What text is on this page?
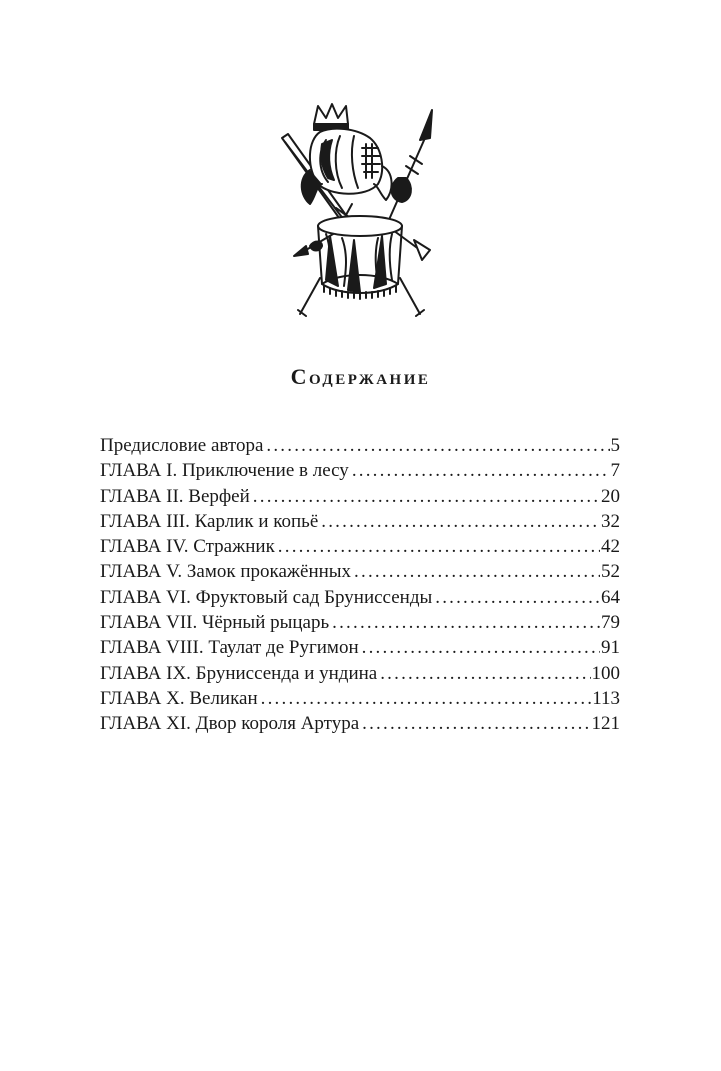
Содержание
Предисловие автора .....	5
ГЛАВА I. Приключение в лесу .....	7
ГЛАВА II. Верфей .....	20
ГЛАВА III. Карлик и копьё .....	32
ГЛАВА IV. Стражник .....	42
ГЛАВА V. Замок прокажённых .....	52
ГЛАВА VI. Фруктовый сад Бруниссенды .....	64
ГЛАВА VII. Чёрный рыцарь .....	79
ГЛАВА VIII. Таулат де Ругимон .....	91
ГЛАВА IX. Бруниссенда и ундина .....	100
ГЛАВА X. Великан .....	113
ГЛАВА XI. Двор короля Артура .....	121
